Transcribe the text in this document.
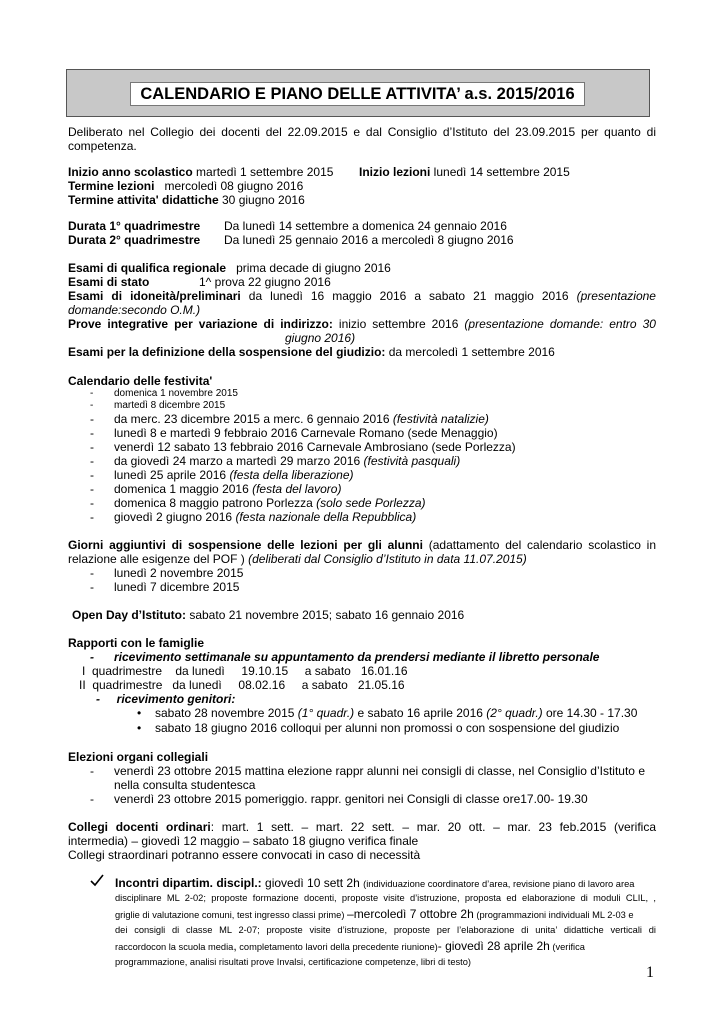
CALENDARIO E PIANO DELLE ATTIVITA’ a.s. 2015/2016
Deliberato nel Collegio dei docenti del 22.09.2015 e dal Consiglio d’Istituto del 23.09.2015 per quanto di
competenza.
Inizio anno scolastico martedì 1 settembre 2015 Inizio lezioni lunedì 14 settembre 2015
Termine lezioni mercoledì 08 giugno 2016
Termine attivita' didattiche 30 giugno 2016
Durata 1° quadrimestre Da lunedì 14 settembre a domenica 24 gennaio 2016
Durata 2° quadrimestre Da lunedì 25 gennaio 2016 a mercoledì 8 giugno 2016
Esami di qualifica regionale prima decade di giugno 2016
Esami di stato	1^ prova 22 giugno 2016
Esami di idoneità/preliminari da lunedì 16 maggio 2016 a sabato 21 maggio 2016 (presentazione
domande:secondo O.M.)
Prove integrative per variazione di indirizzo: inizio settembre 2016 (presentazione domande: entro 30
giugno 2016)
Esami per la definizione della sospensione del giudizio: da mercoledì 1 settembre 2016
Calendario delle festivita'
- domenica 1 novembre 2015
- martedì 8 dicembre 2015
- da merc. 23 dicembre 2015 a merc. 6 gennaio 2016 (festività natalizie)
- lunedì 8 e martedì 9 febbraio 2016 Carnevale Romano (sede Menaggio)
- venerdì 12 sabato 13 febbraio 2016 Carnevale Ambrosiano (sede Porlezza)
- da giovedì 24 marzo a martedì 29 marzo 2016 (festività pasquali)
- lunedì 25 aprile 2016 (festa della liberazione)
- domenica 1 maggio 2016 (festa del lavoro)
- domenica 8 maggio patrono Porlezza (solo sede Porlezza)
- giovedì 2 giugno 2016 (festa nazionale della Repubblica)
Giorni aggiuntivi di sospensione delle lezioni per gli alunni (adattamento del calendario scolastico in
relazione alle esigenze del POF ) (deliberati dal Consiglio d’Istituto in data 11.07.2015)
- lunedì 2 novembre 2015
- lunedì 7 dicembre 2015
Open Day d’Istituto: sabato 21 novembre 2015; sabato 16 gennaio 2016
Rapporti con le famiglie
- ricevimento settimanale su appuntamento da prendersi mediante il libretto personale
I  quadrimestre    da lunedì     19.10.15     a sabato   16.01.16
II  quadrimestre   da lunedì     08.02.16     a sabato   21.05.16
-     ricevimento genitori:
• sabato 28 novembre 2015 (1° quadr.) e sabato 16 aprile 2016 (2° quadr.) ore 14.30 - 17.30
• sabato 18 giugno 2016 colloqui per alunni non promossi o con sospensione del giudizio
Elezioni organi collegiali
- venerdì 23 ottobre 2015 mattina elezione rappr alunni nei consigli di classe, nel Consiglio d’Istituto e
nella consulta studentesca
- venerdì 23 ottobre 2015 pomeriggio. rappr. genitori nei Consigli di classe ore17.00- 19.30
Collegi docenti ordinari: mart. 1 sett. – mart. 22 sett. – mar. 20 ott. – mar. 23 feb.2015 (verifica
intermedia) – giovedì 12 maggio – sabato 18 giugno verifica finale
Collegi straordinari potranno essere convocati in caso di necessità
Incontri dipartim. discipl.: giovedì 10 sett 2h (individuazione coordinatore d’area, revisione piano di lavoro area
disciplinare ML 2-02; proposte formazione docenti, proposte visite d’istruzione, proposta ed elaborazione di moduli CLIL, ,
griglie di valutazione comuni, test ingresso classi prime) –mercoledì 7 ottobre 2h (programmazioni individuali ML 2-03 e
dei consigli di classe ML 2-07; proposte visite d’istruzione, proposte per l’elaborazione di unita’ didattiche verticali di
raccordocon la scuola media, completamento lavori della precedente riunione)- giovedì 28 aprile 2h (verifica
programmazione, analisi risultati prove Invalsi, certificazione competenze, libri di testo)
1
